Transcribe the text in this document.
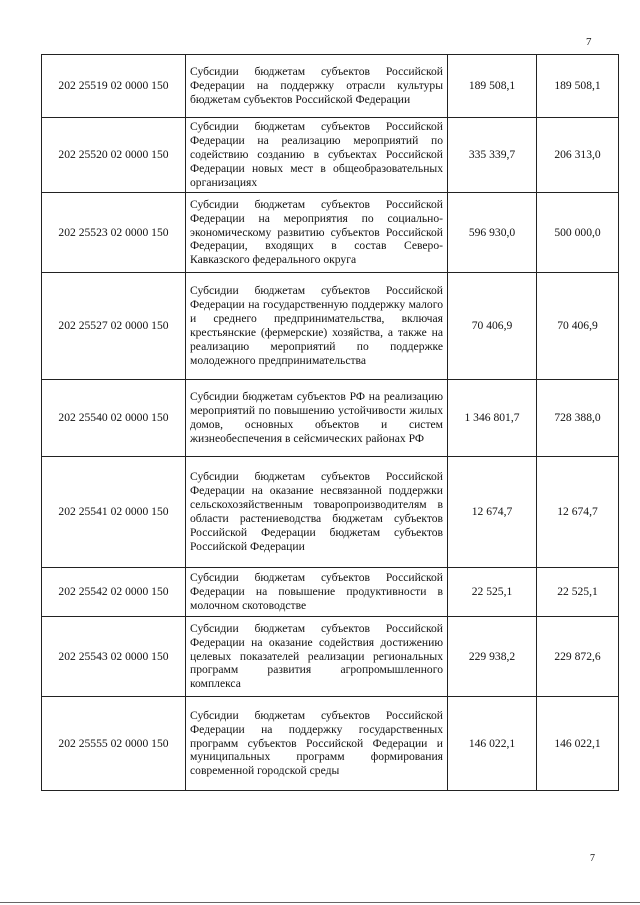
7
202 25519 02 0000 150	Субсидии бюджетам субъектов Российской Федерации на поддержку отрасли культуры бюджетам субъектов Российской Федерации	189 508,1	189 508,1
202 25520 02 0000 150	Субсидии бюджетам субъектов Российской Федерации на реализацию мероприятий по содействию созданию в субъектах Российской Федерации новых мест в общеобразовательных организациях	335 339,7	206 313,0
202 25523 02 0000 150	Субсидии бюджетам субъектов Российской Федерации на мероприятия по социально-экономическому развитию субъектов Российской Федерации, входящих в состав Северо-Кавказского федерального округа	596 930,0	500 000,0
202 25527 02 0000 150	Субсидии бюджетам субъектов Российской Федерации на государственную поддержку малого и среднего предпринимательства, включая крестьянские (фермерские) хозяйства, а также на реализацию мероприятий по поддержке молодежного предпринимательства	70 406,9	70 406,9
202 25540 02 0000 150	Субсидии бюджетам субъектов РФ на реализацию мероприятий по повышению устойчивости жилых домов, основных объектов и систем жизнеобеспечения в сейсмических районах РФ	1 346 801,7	728 388,0
202 25541 02 0000 150	Субсидии бюджетам субъектов Российской Федерации на оказание несвязанной поддержки сельскохозяйственным товаропроизводителям в области растениеводства бюджетам субъектов Российской Федерации бюджетам субъектов Российской Федерации	12 674,7	12 674,7
202 25542 02 0000 150	Субсидии бюджетам субъектов Российской Федерации на повышение продуктивности в молочном скотоводстве	22 525,1	22 525,1
202 25543 02 0000 150	Субсидии бюджетам субъектов Российской Федерации на оказание содействия достижению целевых показателей реализации региональных программ развития агропромышленного комплекса	229 938,2	229 872,6
202 25555 02 0000 150	Субсидии бюджетам субъектов Российской Федерации на поддержку государственных программ субъектов Российской Федерации и муниципальных программ формирования современной городской среды	146 022,1	146 022,1
7
